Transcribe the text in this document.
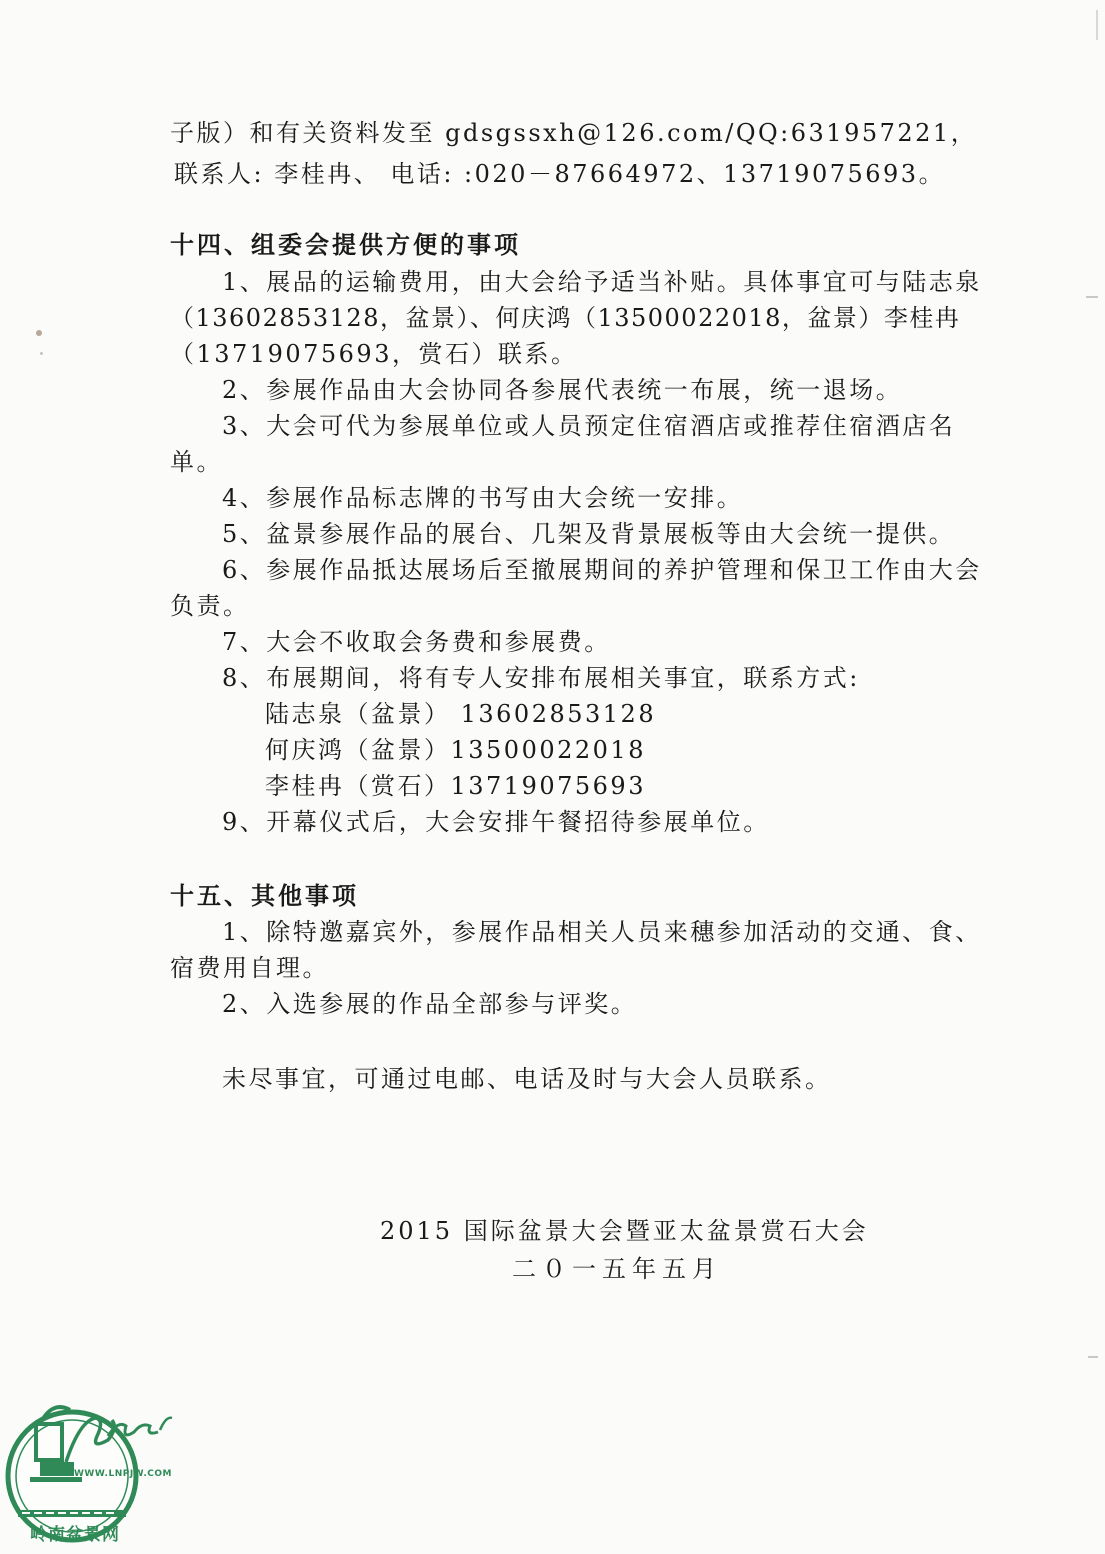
子版）和有关资料发至 gdsgssxh@126.com/QQ:631957221，
联系人: 李桂冉、 电话: :020－87664972、13719075693。
十四、组委会提供方便的事项
1、展品的运输费用，由大会给予适当补贴。具体事宜可与陆志泉
（13602853128，盆景）、何庆鸿（13500022018，盆景）李桂冉
（13719075693，赏石）联系。
2、参展作品由大会协同各参展代表统一布展，统一退场。
3、大会可代为参展单位或人员预定住宿酒店或推荐住宿酒店名
单。
4、参展作品标志牌的书写由大会统一安排。
5、盆景参展作品的展台、几架及背景展板等由大会统一提供。
6、参展作品抵达展场后至撤展期间的养护管理和保卫工作由大会
负责。
7、大会不收取会务费和参展费。
8、布展期间，将有专人安排布展相关事宜，联系方式:
陆志泉（盆景） 13602853128
何庆鸿（盆景）13500022018
李桂冉（赏石）13719075693
9、开幕仪式后，大会安排午餐招待参展单位。
十五、其他事项
1、除特邀嘉宾外，参展作品相关人员来穗参加活动的交通、食、
宿费用自理。
2、入选参展的作品全部参与评奖。
未尽事宜，可通过电邮、电话及时与大会人员联系。
2015 国际盆景大会暨亚太盆景赏石大会
二０一五年五月
WWW.LNPJW.COM
岭南盆景网
